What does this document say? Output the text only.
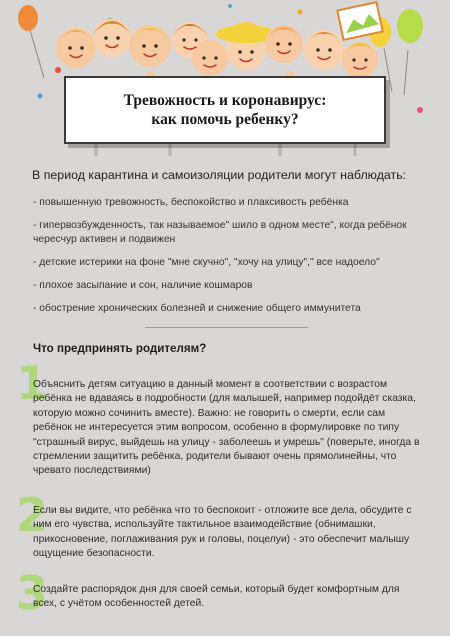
Тревожность и коронавирус:
как помочь ребенку?
В период карантина и самоизоляции родители могут наблюдать:
- повышенную тревожность, беспокойство и плаксивость ребёнка
- гипервозбужденность, так называемое" шило в одном месте", когда ребёнок чересчур активен и подвижен
- детские истерики на фоне "мне скучно", "хочу на улицу"," все надоело"
- плохое засыпание и сон, наличие кошмаров
- обострение хронических болезней и снижение общего иммунитета
Что предпринять родителям?
1
Объяснить детям ситуацию в данный момент в соответствии с возрастом ребёнка не вдаваясь в подробности (для малышей, например подойдёт сказка, которую можно сочинить вместе). Важно: не говорить о смерти, если сам ребёнок не интересуется этим вопросом, особенно в формулировке по типу "страшный вирус, выйдешь на улицу - заболеешь и умрешь" (поверьте, иногда в стремлении защитить ребёнка, родители бывают очень прямолинейны, что чревато последствиями)
2
Если вы видите, что ребёнка что то беспокоит - отложите все дела, обсудите с ним его чувства, используйте тактильное взаимодействие (обнимашки, прикосновение, поглаживания рук и головы, поцелуи) - это обеспечит малышу ощущение безопасности.
3
Создайте распорядок дня для своей семьи, который будет комфортным для всех, с учётом особенностей детей.
